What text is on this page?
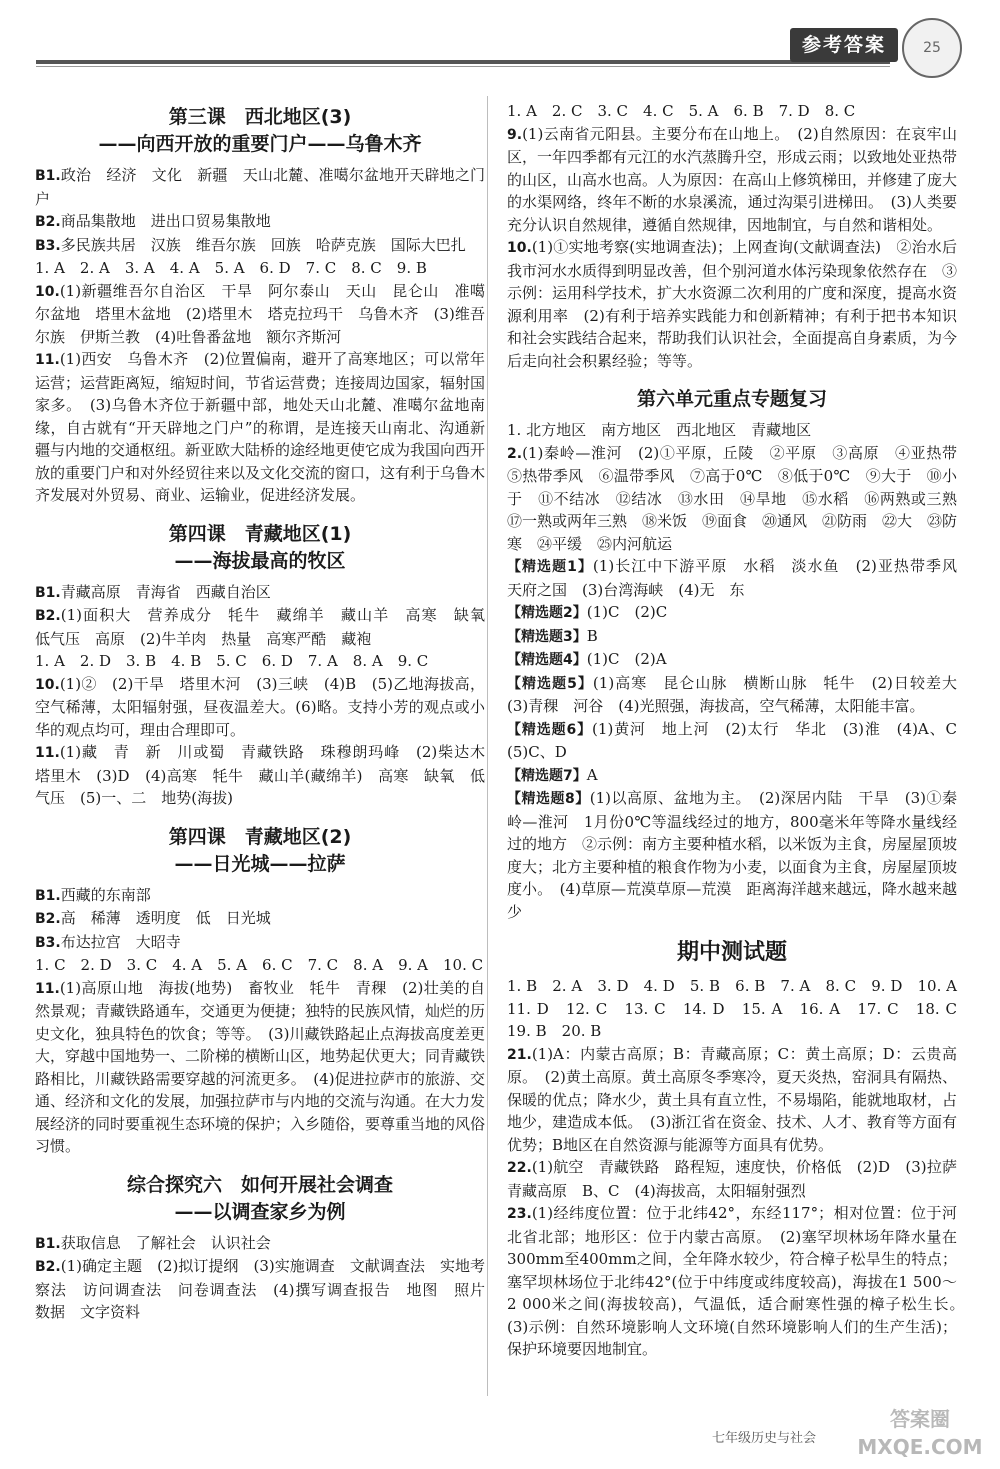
参考答案	25
第三课　西北地区(3)
——向西开放的重要门户——乌鲁木齐
B1.政治　经济　文化　新疆　天山北麓、准噶尔盆地开天辟地之门户
B2.商品集散地　进出口贸易集散地
B3.多民族共居　汉族　维吾尔族　回族　哈萨克族　国际大巴扎
1. A　2. A　3. A　4. A　5. A　6. D　7. C　8. C　9. B
10.(1)新疆维吾尔自治区　干旱　阿尔泰山　天山　昆仑山　准噶尔盆地　塔里木盆地　(2)塔里木　塔克拉玛干　乌鲁木齐　(3)维吾尔族　伊斯兰教　(4)吐鲁番盆地　额尔齐斯河
11.(1)西安　乌鲁木齐　(2)位置偏南，避开了高寒地区；可以常年运营；运营距离短，缩短时间，节省运营费；连接周边国家，辐射国家多。　(3)乌鲁木齐位于新疆中部，地处天山北麓、准噶尔盆地南缘，自古就有“开天辟地之门户”的称谓，是连接天山南北、沟通新疆与内地的交通枢纽。新亚欧大陆桥的途经地更使它成为我国向西开放的重要门户和对外经贸往来以及文化交流的窗口，这有利于乌鲁木齐发展对外贸易、商业、运输业，促进经济发展。
第四课　青藏地区(1)
——海拔最高的牧区
B1.青藏高原　青海省　西藏自治区
B2.(1)面积大　营养成分　牦牛　藏绵羊　藏山羊　高寒　缺氧　低气压　高原　(2)牛羊肉　热量　高寒严酷　藏袍
1. A　2. D　3. B　4. B　5. C　6. D　7. A　8. A　9. C
10.(1)②　(2)干旱　塔里木河　(3)三峡　(4)B　(5)乙地海拔高，空气稀薄，太阳辐射强，昼夜温差大。(6)略。支持小芳的观点或小华的观点均可，理由合理即可。
11.(1)藏　青　新　川或蜀　青藏铁路　珠穆朗玛峰　(2)柴达木　塔里木　(3)D　(4)高寒　牦牛　藏山羊(藏绵羊)　高寒　缺氧　低气压　(5)一、二　地势(海拔)
第四课　青藏地区(2)
——日光城——拉萨
B1.西藏的东南部
B2.高　稀薄　透明度　低　日光城
B3.布达拉宫　大昭寺
1. C　2. D　3. C　4. A　5. A　6. C　7. C　8. A　9. A　10. C
11.(1)高原山地　海拔(地势)　畜牧业　牦牛　青稞　(2)壮美的自然景观；青藏铁路通车，交通更为便捷；独特的民族风情，灿烂的历史文化，独具特色的饮食；等等。　(3)川藏铁路起止点海拔高度差更大，穿越中国地势一、二阶梯的横断山区，地势起伏更大；同青藏铁路相比，川藏铁路需要穿越的河流更多。　(4)促进拉萨市的旅游、交通、经济和文化的发展，加强拉萨市与内地的交流与沟通。在大力发展经济的同时要重视生态环境的保护；入乡随俗，要尊重当地的风俗习惯。
综合探究六　如何开展社会调查
——以调查家乡为例
B1.获取信息　了解社会　认识社会
B2.(1)确定主题　(2)拟订提纲　(3)实施调查　文献调查法　实地考察法　访问调查法　问卷调查法　(4)撰写调查报告　地图　照片　数据　文字资料
1. A　2. C　3. C　4. C　5. A　6. B　7. D　8. C
9.(1)云南省元阳县。主要分布在山地上。　(2)自然原因：在哀牢山区，一年四季都有元江的水汽蒸腾升空，形成云雨；以致地处亚热带的山区，山高水也高。人为原因：在高山上修筑梯田，并修建了庞大的水渠网络，终年不断的水泉溪流，通过沟渠引进梯田。　(3)人类要充分认识自然规律，遵循自然规律，因地制宜，与自然和谐相处。
10.(1)①实地考察(实地调查法)；上网查询(文献调查法)　②治水后我市河水水质得到明显改善，但个别河道水体污染现象依然存在　③示例：运用科学技术，扩大水资源二次利用的广度和深度，提高水资源利用率　(2)有利于培养实践能力和创新精神；有利于把书本知识和社会实践结合起来，帮助我们认识社会，全面提高自身素质，为今后走向社会积累经验；等等。
第六单元重点专题复习
1. 北方地区　南方地区　西北地区　青藏地区
2.(1)秦岭—淮河　(2)①平原，丘陵　②平原　③高原　④亚热带　⑤热带季风　⑥温带季风　⑦高于0℃　⑧低于0℃　⑨大于　⑩小于　⑪不结冰　⑫结冰　⑬水田　⑭旱地　⑮水稻　⑯两熟或三熟　⑰一熟或两年三熟　⑱米饭　⑲面食　⑳通风　㉑防雨　㉒大　㉓防寒　㉔平缓　㉕内河航运
【精选题1】(1)长江中下游平原　水稻　淡水鱼　(2)亚热带季风　天府之国　(3)台湾海峡　(4)无　东
【精选题2】(1)C　(2)C
【精选题3】B
【精选题4】(1)C　(2)A
【精选题5】(1)高寒　昆仑山脉　横断山脉　牦牛　(2)日较差大　(3)青稞　河谷　(4)光照强，海拔高，空气稀薄，太阳能丰富。
【精选题6】(1)黄河　地上河　(2)太行　华北　(3)淮　(4)A、C　(5)C、D
【精选题7】A
【精选题8】(1)以高原、盆地为主。　(2)深居内陆　干旱　(3)①秦岭—淮河　1月份0℃等温线经过的地方，800毫米年等降水量线经过的地方　②示例：南方主要种植水稻，以米饭为主食，房屋屋顶坡度大；北方主要种植的粮食作物为小麦，以面食为主食，房屋屋顶坡度小。　(4)草原—荒漠草原—荒漠　距离海洋越来越远，降水越来越少
期中测试题
1. B　2. A　3. D　4. D　5. B　6. B　7. A　8. C　9. D　10. A　11. D　12. C　13. C　14. D　15. A　16. A　17. C　18. C　19. B　20. B
21.(1)A：内蒙古高原；B：青藏高原；C：黄土高原；D：云贵高原。　(2)黄土高原。黄土高原冬季寒冷，夏天炎热，窑洞具有隔热、保暖的优点；降水少，黄土具有直立性，不易塌陷，能就地取材，占地少，建造成本低。　(3)浙江省在资金、技术、人才、教育等方面有优势；B地区在自然资源与能源等方面具有优势。
22.(1)航空　青藏铁路　路程短，速度快，价格低　(2)D　(3)拉萨　青藏高原　B、C　(4)海拔高，太阳辐射强烈
23.(1)经纬度位置：位于北纬42°，东经117°；相对位置：位于河北省北部；地形区：位于内蒙古高原。　(2)塞罕坝林场年降水量在300mm至400mm之间，全年降水较少，符合樟子松旱生的特点；塞罕坝林场位于北纬42°(位于中纬度或纬度较高)，海拔在1 500～2 000米之间(海拔较高)，气温低，适合耐寒性强的樟子松生长。　(3)示例：自然环境影响人文环境(自然环境影响人们的生产生活)；保护环境要因地制宜。
七年级历史与社会
答案圈
MXQE.COM
